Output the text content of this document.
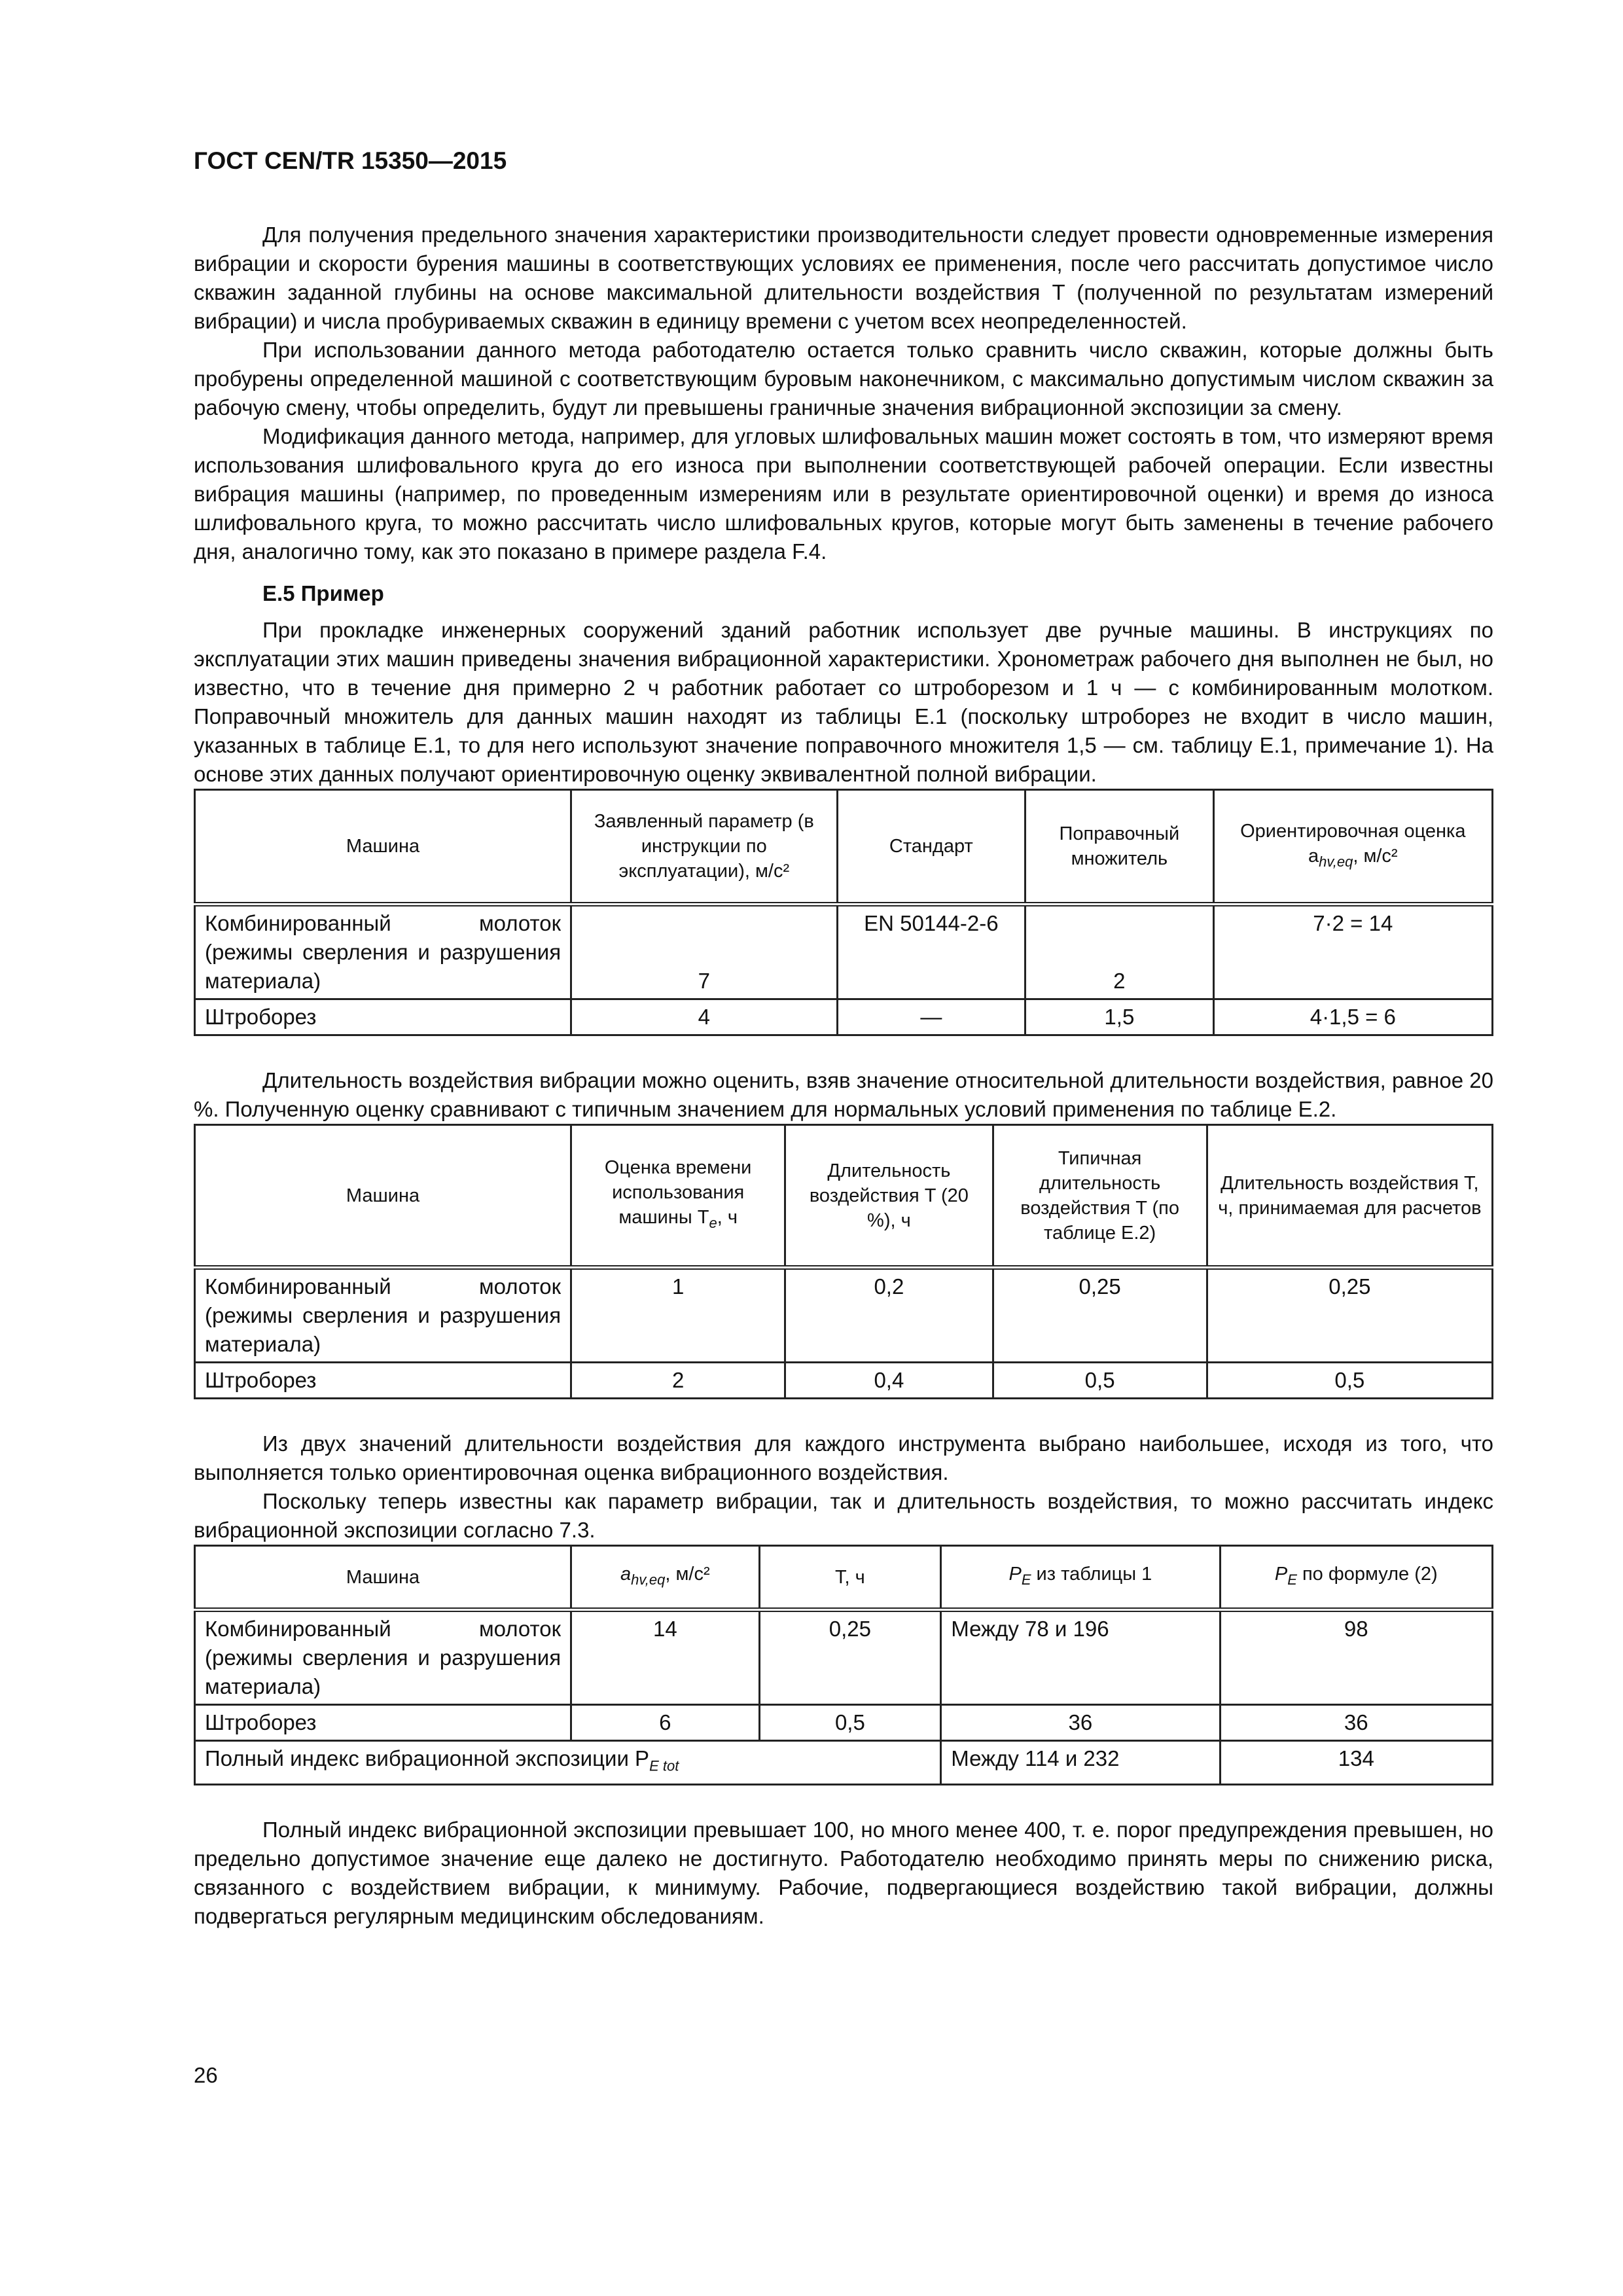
ГОСТ CEN/TR 15350—2015

Для получения предельного значения характеристики производительности следует провести одновременные измерения вибрации и скорости бурения машины в соответствующих условиях ее применения, после чего рассчитать допустимое число скважин заданной глубины на основе максимальной длительности воздействия T (полученной по результатам измерений вибрации) и числа пробуриваемых скважин в единицу времени с учетом всех неопределенностей.

При использовании данного метода работодателю остается только сравнить число скважин, которые должны быть пробурены определенной машиной с соответствующим буровым наконечником, с максимально допустимым числом скважин за рабочую смену, чтобы определить, будут ли превышены граничные значения вибрационной экспозиции за смену.

Модификация данного метода, например, для угловых шлифовальных машин может состоять в том, что измеряют время использования шлифовального круга до его износа при выполнении соответствующей рабочей операции. Если известны вибрация машины (например, по проведенным измерениям или в результате ориентировочной оценки) и время до износа шлифовального круга, то можно рассчитать число шлифовальных кругов, которые могут быть заменены в течение рабочего дня, аналогично тому, как это показано в примере раздела F.4.

E.5 Пример

При прокладке инженерных сооружений зданий работник использует две ручные машины. В инструкциях по эксплуатации этих машин приведены значения вибрационной характеристики. Хронометраж рабочего дня выполнен не был, но известно, что в течение дня примерно 2 ч работник работает со штроборезом и 1 ч — с комбинированным молотком. Поправочный множитель для данных машин находят из таблицы E.1 (поскольку штроборез не входит в число машин, указанных в таблице E.1, то для него используют значение поправочного множителя 1,5 — см. таблицу E.1, примечание 1). На основе этих данных получают ориентировочную оценку эквивалентной полной вибрации.

Машина	Заявленный параметр (в инструкции по эксплуатации), м/с²	Стандарт	Поправочный множитель	Ориентировочная оценка $a_{hv,eq}$, м/с²
Комбинированный молоток (режимы сверления и разрушения материала)	7	EN 50144-2-6	2	7·2 = 14
Штроборез	4	—	1,5	4·1,5 = 6

Длительность воздействия вибрации можно оценить, взяв значение относительной длительности воздействия, равное 20 %. Полученную оценку сравнивают с типичным значением для нормальных условий применения по таблице E.2.

Машина	Оценка времени использования машины $T_e$, ч	Длительность воздействия T (20 %), ч	Типичная длительность воздействия T (по таблице E.2)	Длительность воздействия T, ч, принимаемая для расчетов
Комбинированный молоток (режимы сверления и разрушения материала)	1	0,2	0,25	0,25
Штроборез	2	0,4	0,5	0,5

Из двух значений длительности воздействия для каждого инструмента выбрано наибольшее, исходя из того, что выполняется только ориентировочная оценка вибрационного воздействия.

Поскольку теперь известны как параметр вибрации, так и длительность воздействия, то можно рассчитать индекс вибрационной экспозиции согласно 7.3.

Машина	$a_{hv,eq}$, м/с²	T, ч	$P_E$ из таблицы 1	$P_E$ по формуле (2)
Комбинированный молоток (режимы сверления и разрушения материала)	14	0,25	Между 78 и 196	98
Штроборез	6	0,5	36	36
Полный индекс вибрационной экспозиции $P_{E tot}$			Между 114 и 232	134

Полный индекс вибрационной экспозиции превышает 100, но много менее 400, т. е. порог предупреждения превышен, но предельно допустимое значение еще далеко не достигнуто. Работодателю необходимо принять меры по снижению риска, связанного с воздействием вибрации, к минимуму. Рабочие, подвергающиеся воздействию такой вибрации, должны подвергаться регулярным медицинским обследованиям.

26
